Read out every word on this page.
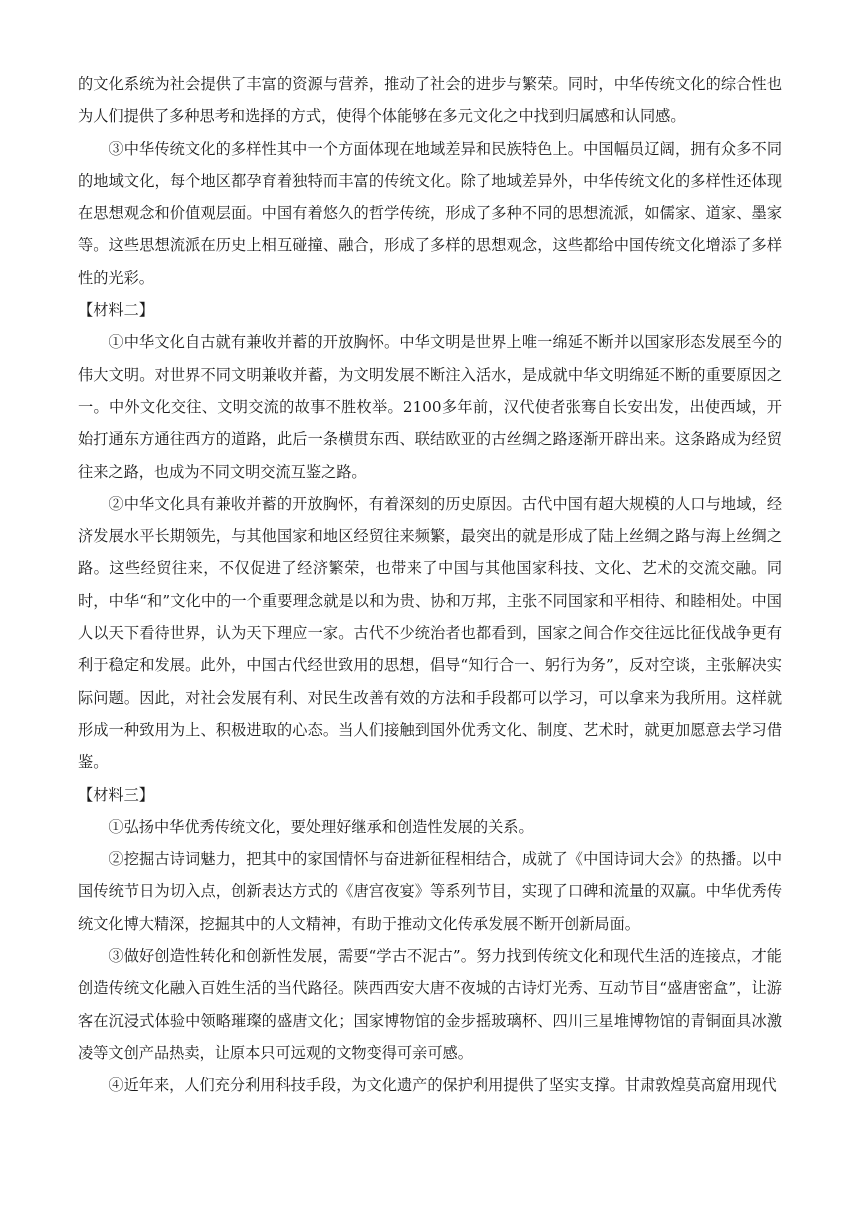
的文化系统为社会提供了丰富的资源与营养，推动了社会的进步与繁荣。同时，中华传统文化的综合性也为人们提供了多种思考和选择的方式，使得个体能够在多元文化之中找到归属感和认同感。

③中华传统文化的多样性其中一个方面体现在地域差异和民族特色上。中国幅员辽阔，拥有众多不同的地域文化，每个地区都孕育着独特而丰富的传统文化。除了地域差异外，中华传统文化的多样性还体现在思想观念和价值观层面。中国有着悠久的哲学传统，形成了多种不同的思想流派，如儒家、道家、墨家等。这些思想流派在历史上相互碰撞、融合，形成了多样的思想观念，这些都给中国传统文化增添了多样性的光彩。

【材料二】

①中华文化自古就有兼收并蓄的开放胸怀。中华文明是世界上唯一绵延不断并以国家形态发展至今的伟大文明。对世界不同文明兼收并蓄，为文明发展不断注入活水，是成就中华文明绵延不断的重要原因之一。中外文化交往、文明交流的故事不胜枚举。2100多年前，汉代使者张骞自长安出发，出使西域，开始打通东方通往西方的道路，此后一条横贯东西、联结欧亚的古丝绸之路逐渐开辟出来。这条路成为经贸往来之路，也成为不同文明交流互鉴之路。

②中华文化具有兼收并蓄的开放胸怀，有着深刻的历史原因。古代中国有超大规模的人口与地域，经济发展水平长期领先，与其他国家和地区经贸往来频繁，最突出的就是形成了陆上丝绸之路与海上丝绸之路。这些经贸往来，不仅促进了经济繁荣，也带来了中国与其他国家科技、文化、艺术的交流交融。同时，中华“和”文化中的一个重要理念就是以和为贵、协和万邦，主张不同国家和平相待、和睦相处。中国人以天下看待世界，认为天下理应一家。古代不少统治者也都看到，国家之间合作交往远比征伐战争更有利于稳定和发展。此外，中国古代经世致用的思想，倡导“知行合一、躬行为务”，反对空谈，主张解决实际问题。因此，对社会发展有利、对民生改善有效的方法和手段都可以学习，可以拿来为我所用。这样就形成一种致用为上、积极进取的心态。当人们接触到国外优秀文化、制度、艺术时，就更加愿意去学习借鉴。

【材料三】

①弘扬中华优秀传统文化，要处理好继承和创造性发展的关系。

②挖掘古诗词魅力，把其中的家国情怀与奋进新征程相结合，成就了《中国诗词大会》的热播。以中国传统节日为切入点，创新表达方式的《唐宫夜宴》等系列节目，实现了口碑和流量的双赢。中华优秀传统文化博大精深，挖掘其中的人文精神，有助于推动文化传承发展不断开创新局面。

③做好创造性转化和创新性发展，需要“学古不泥古”。努力找到传统文化和现代生活的连接点，才能创造传统文化融入百姓生活的当代路径。陕西西安大唐不夜城的古诗灯光秀、互动节目“盛唐密盒”，让游客在沉浸式体验中领略璀璨的盛唐文化；国家博物馆的金步摇玻璃杯、四川三星堆博物馆的青铜面具冰激凌等文创产品热卖，让原本只可远观的文物变得可亲可感。

④近年来，人们充分利用科技手段，为文化遗产的保护利用提供了坚实支撑。甘肃敦煌莫高窟用现代
